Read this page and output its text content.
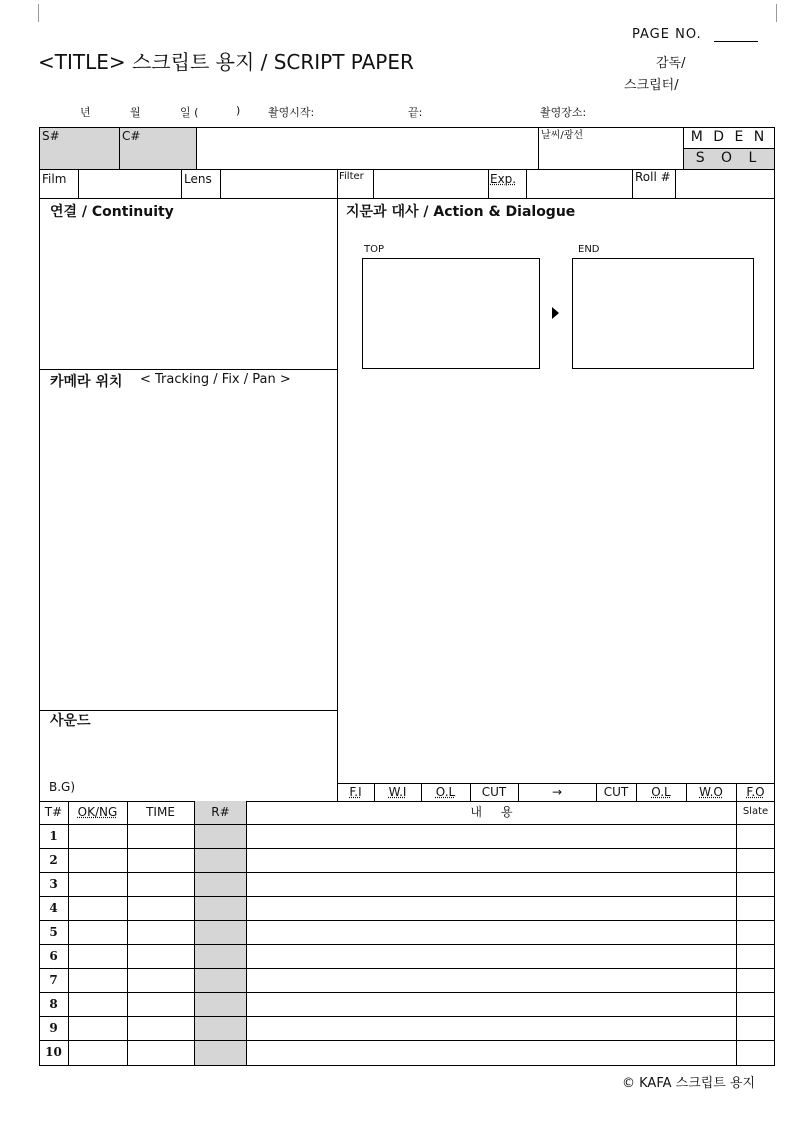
PAGE NO.
<TITLE> 스크립트 용지 / SCRIPT PAPER	감독/
스크립터/
년	월	일 (	)	촬영시작:	끝:	촬영장소:
S#	C#	날씨/광선	M D E N
S O L
Film	Lens	Filter	Exp.	Roll #
연결 / Continuity
카메라 위치 < Tracking / Fix / Pan >
사운드
B.G)
지문과 대사 / Action & Dialogue
TOP	END
F.I	W.I	O.L	CUT	→	CUT	O.L	W.O	F.O
T#	OK/NG	TIME	R#	내     용	Slate
1
2
3
4
5
6
7
8
9
10
© KAFA 스크립트 용지
